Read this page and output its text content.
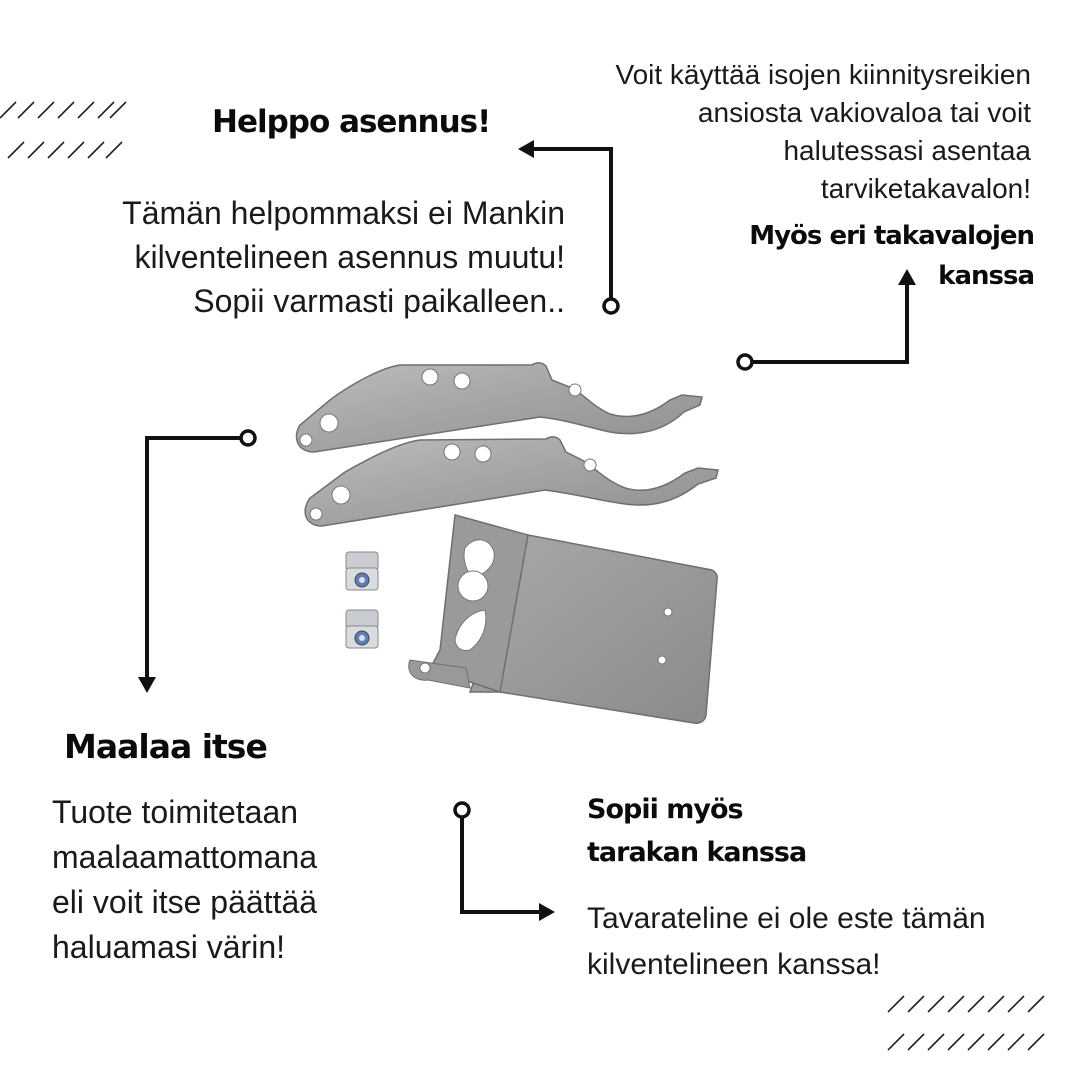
Helppo asennus!

Tämän helpommaksi ei Mankin
kilventelineen asennus muutu!
Sopii varmasti paikalleen..

Voit käyttää isojen kiinnitysreikien
ansiosta vakiovaloa tai voit
halutessasi asentaa
tarviketakavalon!

Myös eri takavalojen
kanssa
Maalaa itse

Tuote toimitetaan
maalaamattomana
eli voit itse päättää
haluamasi värin!

Sopii myös
tarakan kanssa

Tavarateline ei ole este tämän
kilventelineen kanssa!
